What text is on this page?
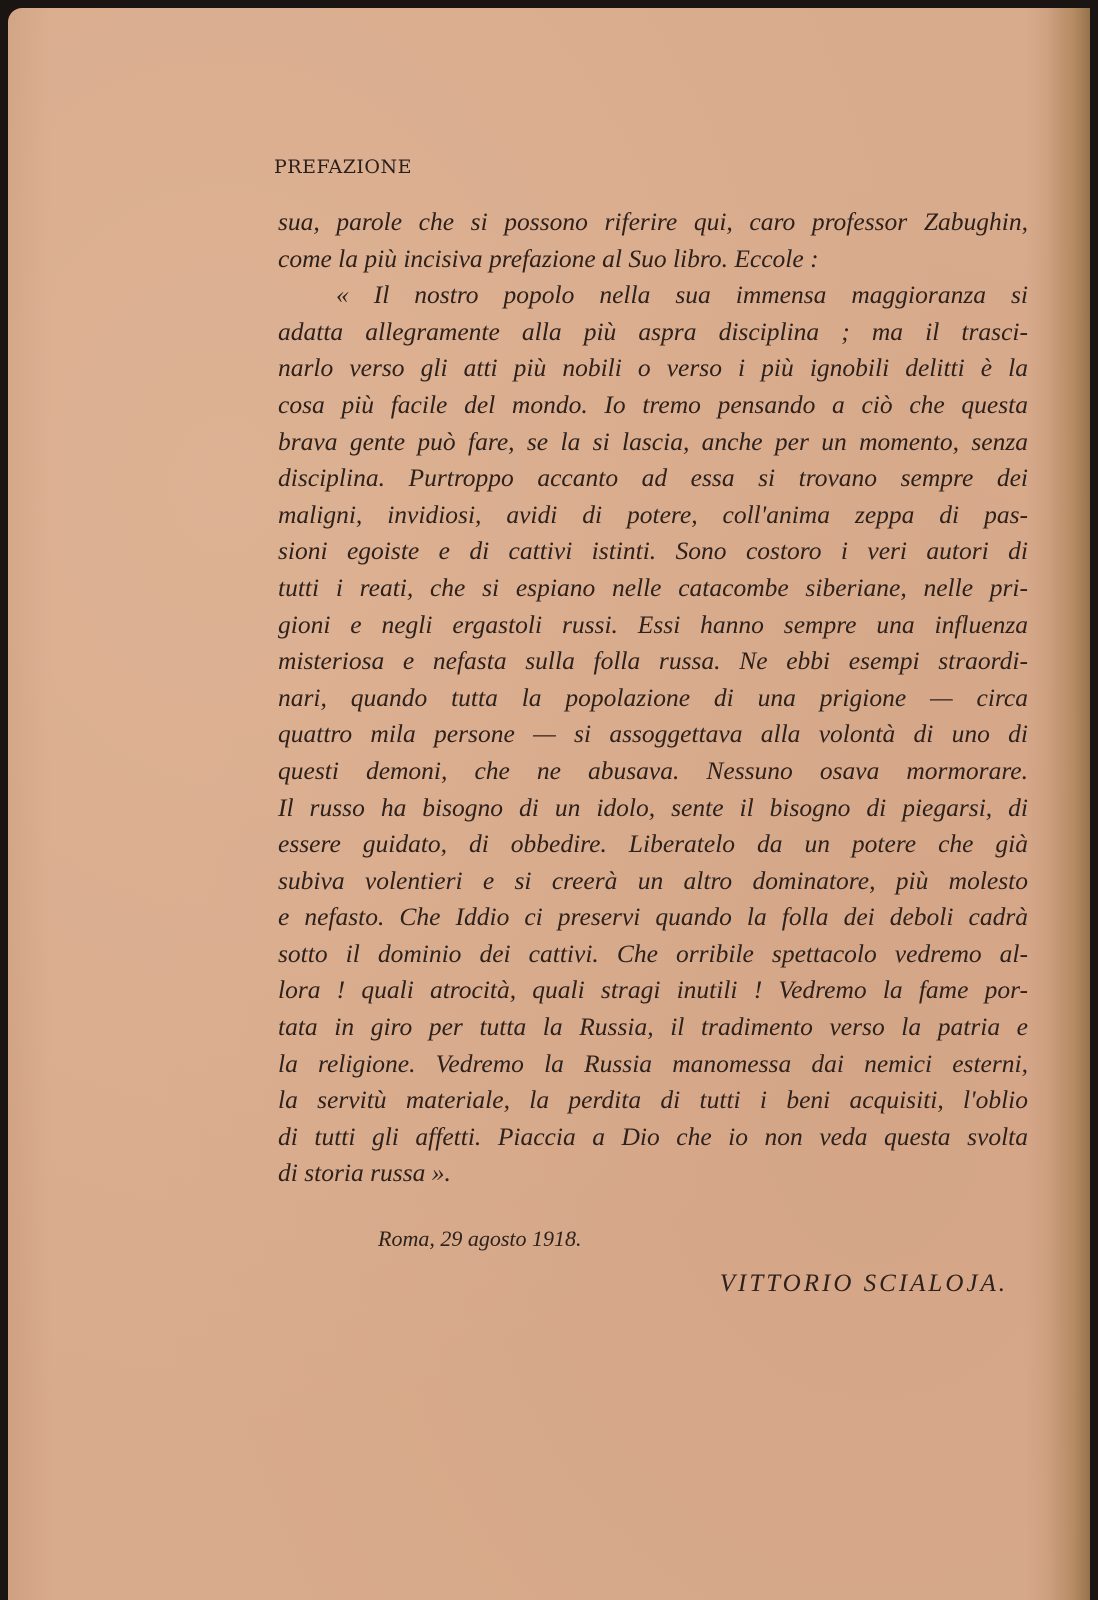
PREFAZIONE
sua, parole che si possono riferire qui, caro professor Zabughin,
come la più incisiva prefazione al Suo libro. Eccole :
« Il nostro popolo nella sua immensa maggioranza si
adatta allegramente alla più aspra disciplina ; ma il trasci-
narlo verso gli atti più nobili o verso i più ignobili delitti è la
cosa più facile del mondo. Io tremo pensando a ciò che questa
brava gente può fare, se la si lascia, anche per un momento, senza
disciplina. Purtroppo accanto ad essa si trovano sempre dei
maligni, invidiosi, avidi di potere, coll'anima zeppa di pas-
sioni egoiste e di cattivi istinti. Sono costoro i veri autori di
tutti i reati, che si espiano nelle catacombe siberiane, nelle pri-
gioni e negli ergastoli russi. Essi hanno sempre una influenza
misteriosa e nefasta sulla folla russa. Ne ebbi esempi straordi-
nari, quando tutta la popolazione di una prigione — circa
quattro mila persone — si assoggettava alla volontà di uno di
questi demoni, che ne abusava. Nessuno osava mormorare.
Il russo ha bisogno di un idolo, sente il bisogno di piegarsi, di
essere guidato, di obbedire. Liberatelo da un potere che già
subiva volentieri e si creerà un altro dominatore, più molesto
e nefasto. Che Iddio ci preservi quando la folla dei deboli cadrà
sotto il dominio dei cattivi. Che orribile spettacolo vedremo al-
lora ! quali atrocità, quali stragi inutili ! Vedremo la fame por-
tata in giro per tutta la Russia, il tradimento verso la patria e
la religione. Vedremo la Russia manomessa dai nemici esterni,
la servitù materiale, la perdita di tutti i beni acquisiti, l'oblio
di tutti gli affetti. Piaccia a Dio che io non veda questa svolta
di storia russa ».
Roma, 29 agosto 1918.
VITTORIO SCIALOJA.
